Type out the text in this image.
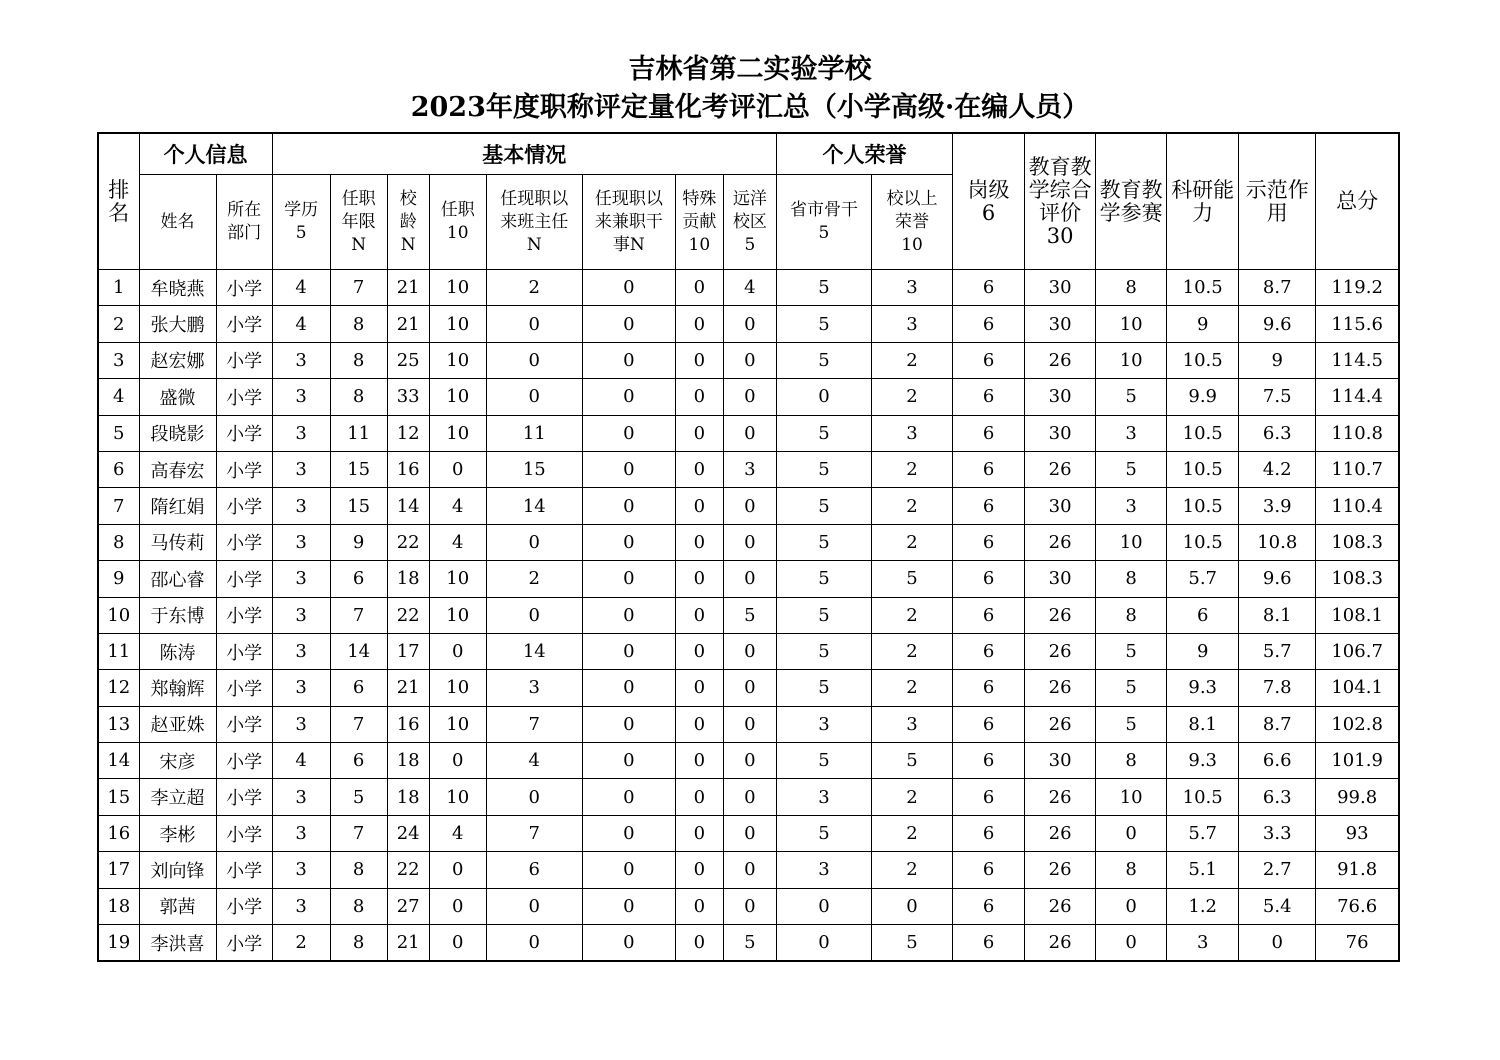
吉林省第二实验学校
2023年度职称评定量化考评汇总（小学高级·在编人员）
排名	个人信息		基本情况								个人荣誉		岗级
6	教育教
学综合
评价
30	教育教
学参赛	科研能
力	示范作
用	总分

	姓名	所在
部门	学历
5	任职
年限
N	校
龄
N	任职
10	任现职以
来班主任
N	任现职以
来兼职干
事N	特殊
贡献
10	远洋
校区
5	省市骨干
5	校以上
荣誉
10						

1	牟晓燕	小学	4	7	21	10	2	0	0	4	5	3	6	30	8	10.5	8.7	119.2
2	张大鹏	小学	4	8	21	10	0	0	0	0	5	3	6	30	10	9	9.6	115.6
3	赵宏娜	小学	3	8	25	10	0	0	0	0	5	2	6	26	10	10.5	9	114.5
4	盛微	小学	3	8	33	10	0	0	0	0	0	2	6	30	5	9.9	7.5	114.4
5	段晓影	小学	3	11	12	10	11	0	0	0	5	3	6	30	3	10.5	6.3	110.8
6	高春宏	小学	3	15	16	0	15	0	0	3	5	2	6	26	5	10.5	4.2	110.7
7	隋红娟	小学	3	15	14	4	14	0	0	0	5	2	6	30	3	10.5	3.9	110.4
8	马传莉	小学	3	9	22	4	0	0	0	0	5	2	6	26	10	10.5	10.8	108.3
9	邵心睿	小学	3	6	18	10	2	0	0	0	5	5	6	30	8	5.7	9.6	108.3
10	于东博	小学	3	7	22	10	0	0	0	5	5	2	6	26	8	6	8.1	108.1
11	陈涛	小学	3	14	17	0	14	0	0	0	5	2	6	26	5	9	5.7	106.7
12	郑翰辉	小学	3	6	21	10	3	0	0	0	5	2	6	26	5	9.3	7.8	104.1
13	赵亚姝	小学	3	7	16	10	7	0	0	0	3	3	6	26	5	8.1	8.7	102.8
14	宋彦	小学	4	6	18	0	4	0	0	0	5	5	6	30	8	9.3	6.6	101.9
15	李立超	小学	3	5	18	10	0	0	0	0	3	2	6	26	10	10.5	6.3	99.8
16	李彬	小学	3	7	24	4	7	0	0	0	5	2	6	26	0	5.7	3.3	93
17	刘向锋	小学	3	8	22	0	6	0	0	0	3	2	6	26	8	5.1	2.7	91.8
18	郭茜	小学	3	8	27	0	0	0	0	0	0	0	6	26	0	1.2	5.4	76.6
19	李洪喜	小学	2	8	21	0	0	0	0	5	0	5	6	26	0	3	0	76
